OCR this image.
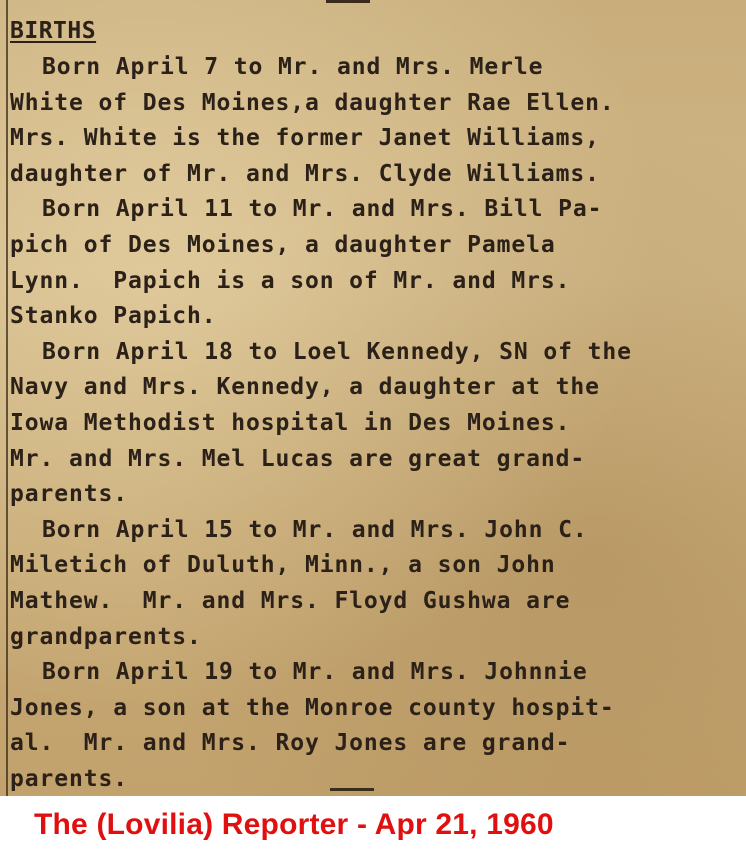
BIRTHS
Born April 7 to Mr. and Mrs. Merle
White of Des Moines,a daughter Rae Ellen.
Mrs. White is the former Janet Williams,
daughter of Mr. and Mrs. Clyde Williams.
Born April 11 to Mr. and Mrs. Bill Pa-
pich of Des Moines, a daughter Pamela
Lynn.  Papich is a son of Mr. and Mrs.
Stanko Papich.
Born April 18 to Loel Kennedy, SN of the
Navy and Mrs. Kennedy, a daughter at the
Iowa Methodist hospital in Des Moines.
Mr. and Mrs. Mel Lucas are great grand-
parents.
Born April 15 to Mr. and Mrs. John C.
Miletich of Duluth, Minn., a son John
Mathew.  Mr. and Mrs. Floyd Gushwa are
grandparents.
Born April 19 to Mr. and Mrs. Johnnie
Jones, a son at the Monroe county hospit-
al.  Mr. and Mrs. Roy Jones are grand-
parents.
The (Lovilia) Reporter - Apr 21, 1960
